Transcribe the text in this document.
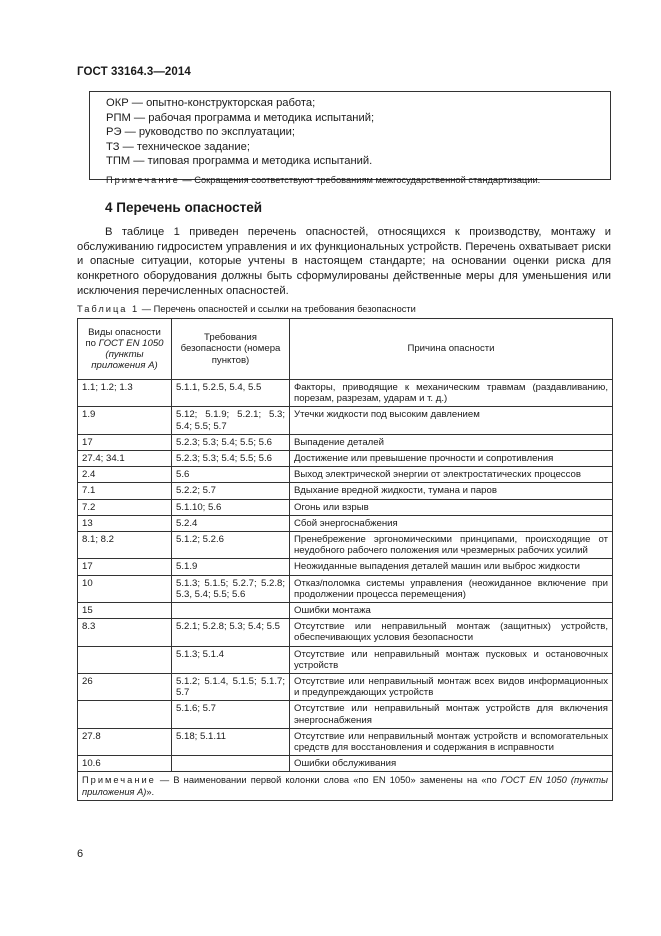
ГОСТ 33164.3—2014
ОКР — опытно-конструкторская работа;
РПМ — рабочая программа и методика испытаний;
РЭ — руководство по эксплуатации;
ТЗ — техническое задание;
ТПМ — типовая программа и методика испытаний.
Примечание — Сокращения соответствуют требованиям межгосударственной стандартизации.
4 Перечень опасностей

В таблице 1 приведен перечень опасностей, относящихся к производству, монтажу и обслуживанию гидросистем управления и их функциональных устройств. Перечень охватывает риски и опасные ситуации, которые учтены в настоящем стандарте; на основании оценки риска для конкретного оборудования должны быть сформулированы действенные меры для уменьшения или исключения перечисленных опасностей.

Таблица 1 — Перечень опасностей и ссылки на требования безопасности
Виды опасности по ГОСТ EN 1050 (пункты приложения А)	Требования безопасности (номера пунктов)	Причина опасности
1.1; 1.2; 1.3	5.1.1, 5.2.5, 5.4, 5.5	Факторы, приводящие к механическим травмам (раздавливанию, порезам, разрезам, ударам и т. д.)
1.9	5.12; 5.1.9; 5.2.1; 5.3; 5.4; 5.5; 5.7	Утечки жидкости под высоким давлением
17	5.2.3; 5.3; 5.4; 5.5; 5.6	Выпадение деталей
27.4; 34.1	5.2.3; 5.3; 5.4; 5.5; 5.6	Достижение или превышение прочности и сопротивления
2.4	5.6	Выход электрической энергии от электростатических процессов
7.1	5.2.2; 5.7	Вдыхание вредной жидкости, тумана и паров
7.2	5.1.10; 5.6	Огонь или взрыв
13	5.2.4	Сбой энергоснабжения
8.1; 8.2	5.1.2; 5.2.6	Пренебрежение эргономическими принципами, происходящие от неудобного рабочего положения или чрезмерных рабочих усилий
17	5.1.9	Неожиданные выпадения деталей машин или выброс жидкости
10	5.1.3; 5.1.5; 5.2.7; 5.2.8; 5.3, 5.4; 5.5; 5.6	Отказ/поломка системы управления (неожиданное включение при продолжении процесса перемещения)
15		Ошибки монтажа
8.3	5.2.1; 5.2.8; 5.3; 5.4; 5.5	Отсутствие или неправильный монтаж (защитных) устройств, обеспечивающих условия безопасности
	5.1.3; 5.1.4	Отсутствие или неправильный монтаж пусковых и остановочных устройств
26	5.1.2; 5.1.4, 5.1.5; 5.1.7; 5.7	Отсутствие или неправильный монтаж всех видов информационных и предупреждающих устройств
	5.1.6; 5.7	Отсутствие или неправильный монтаж устройств для включения энергоснабжения
27.8	5.18; 5.1.11	Отсутствие или неправильный монтаж устройств и вспомогательных средств для восстановления и содержания в исправности
10.6		Ошибки обслуживания
Примечание — В наименовании первой колонки слова «по EN 1050» заменены на «по ГОСТ EN 1050 (пункты приложения А)».		
6
